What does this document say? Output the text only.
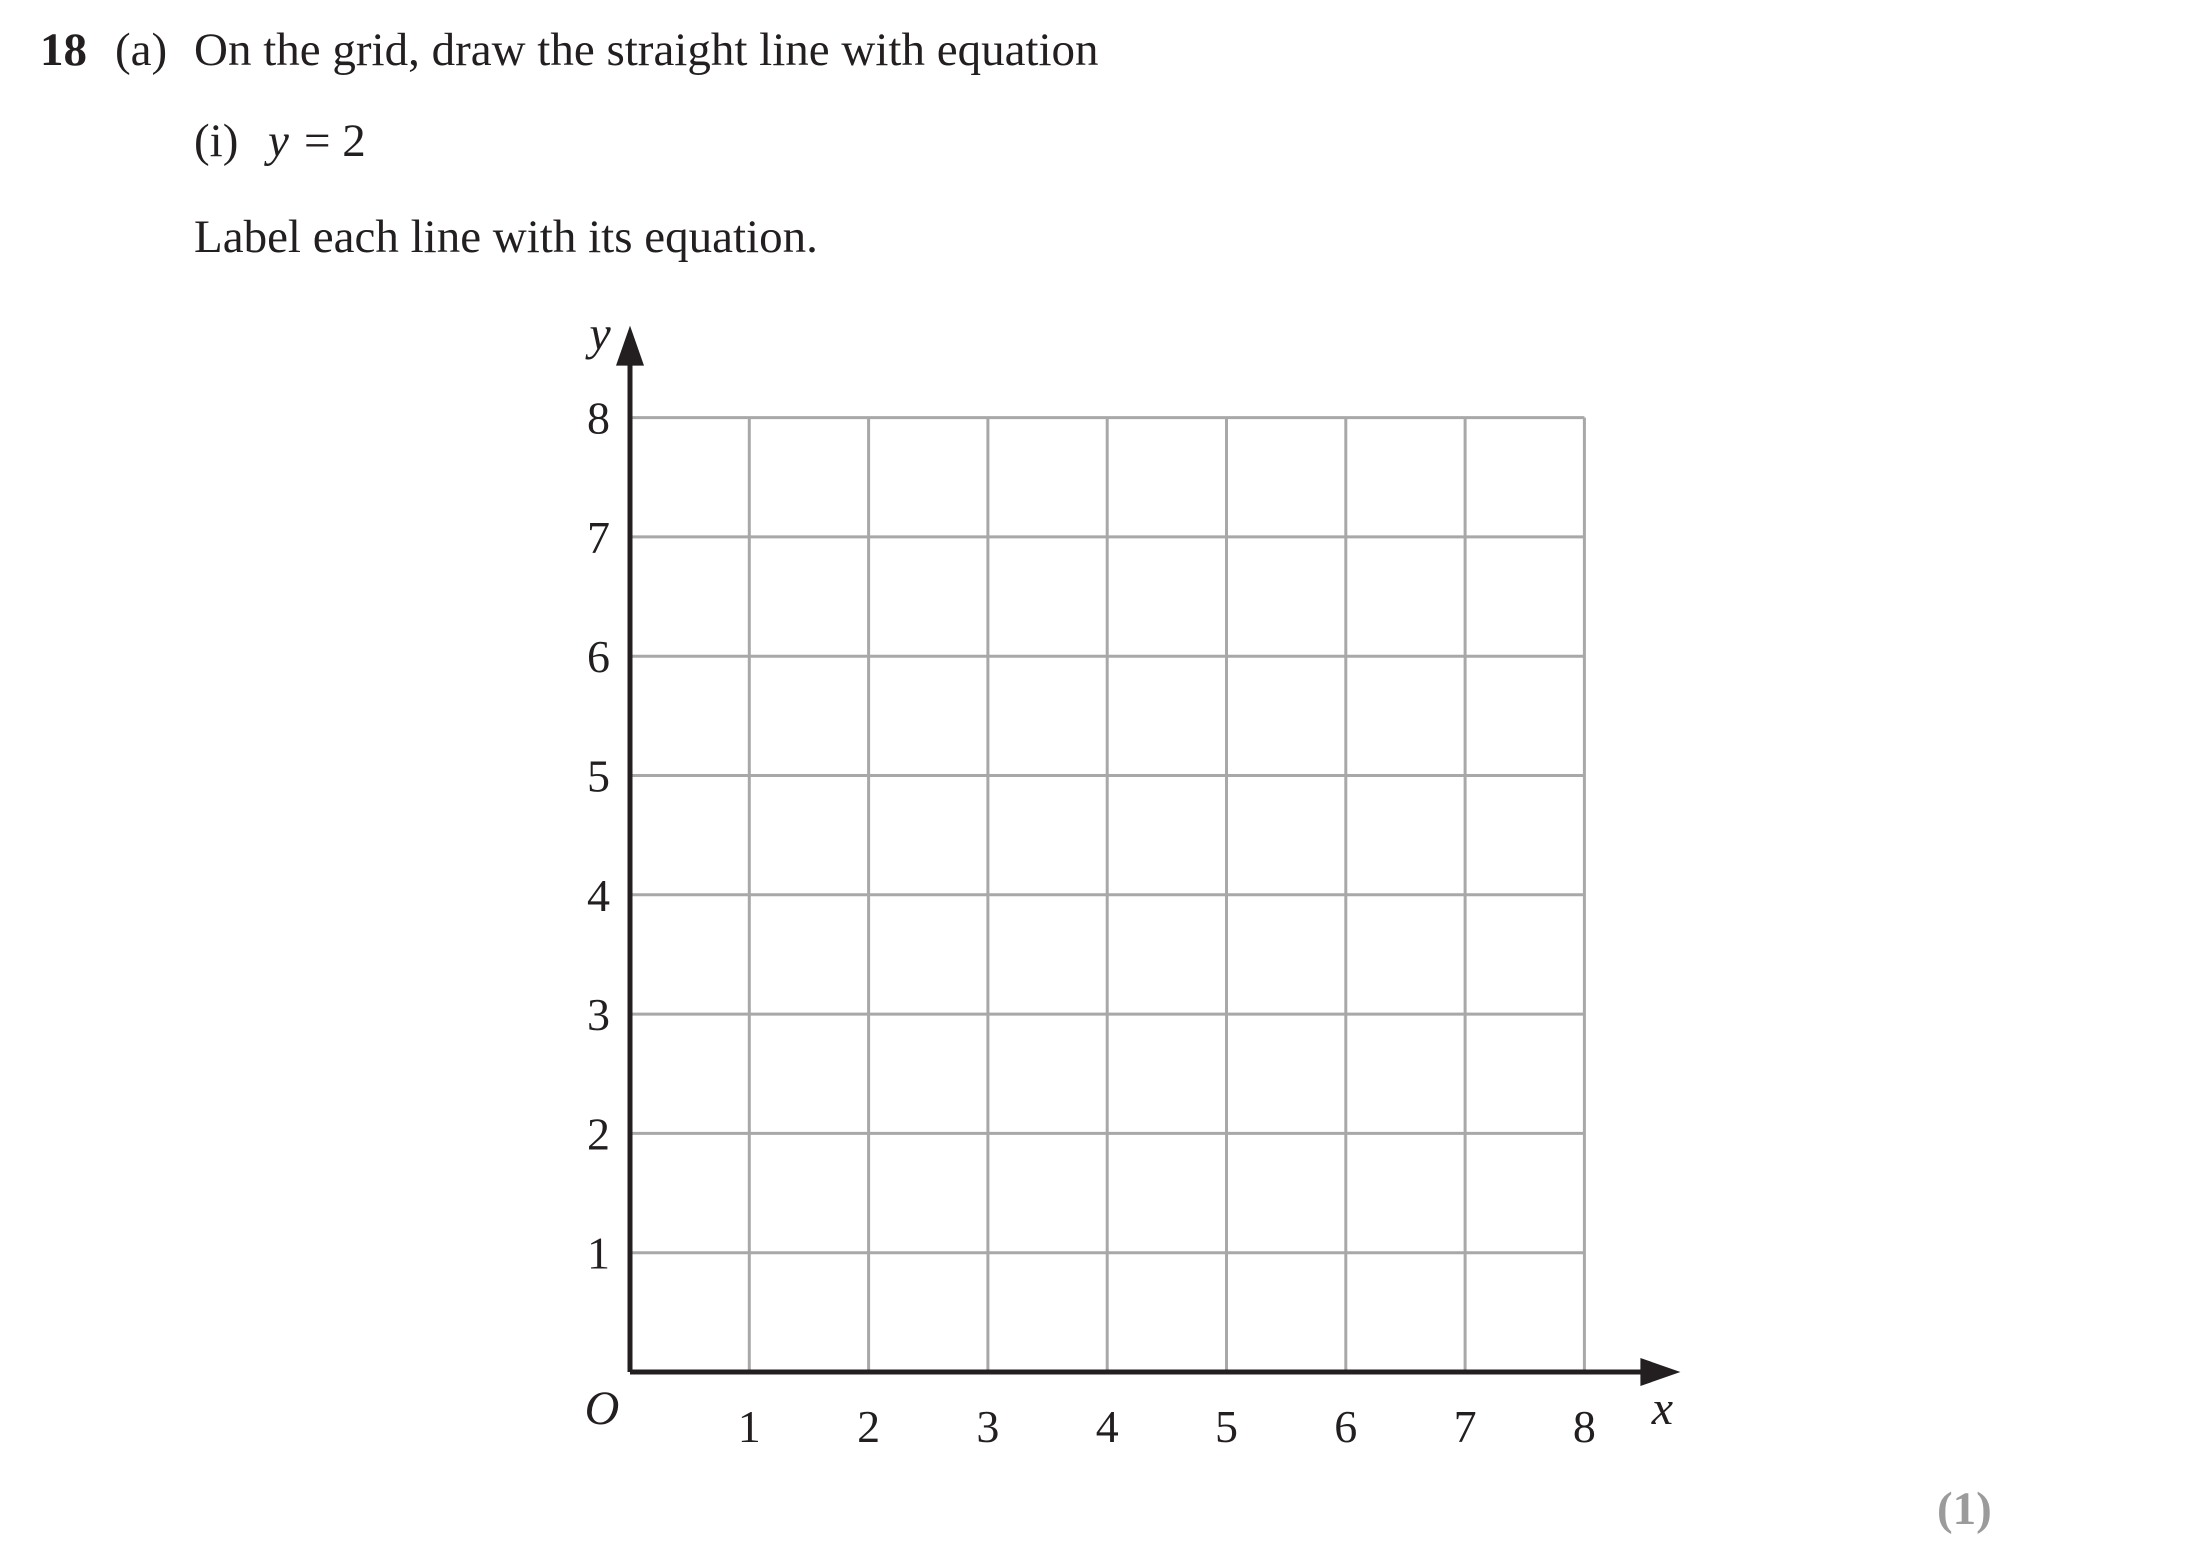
18 (a) On the grid, draw the straight line with equation
(i) y = 2
Label each line with its equation.
1 2 3 4 5 6 7 8
1
2
3
4
5
6
7
8
O	x
y
(1)
